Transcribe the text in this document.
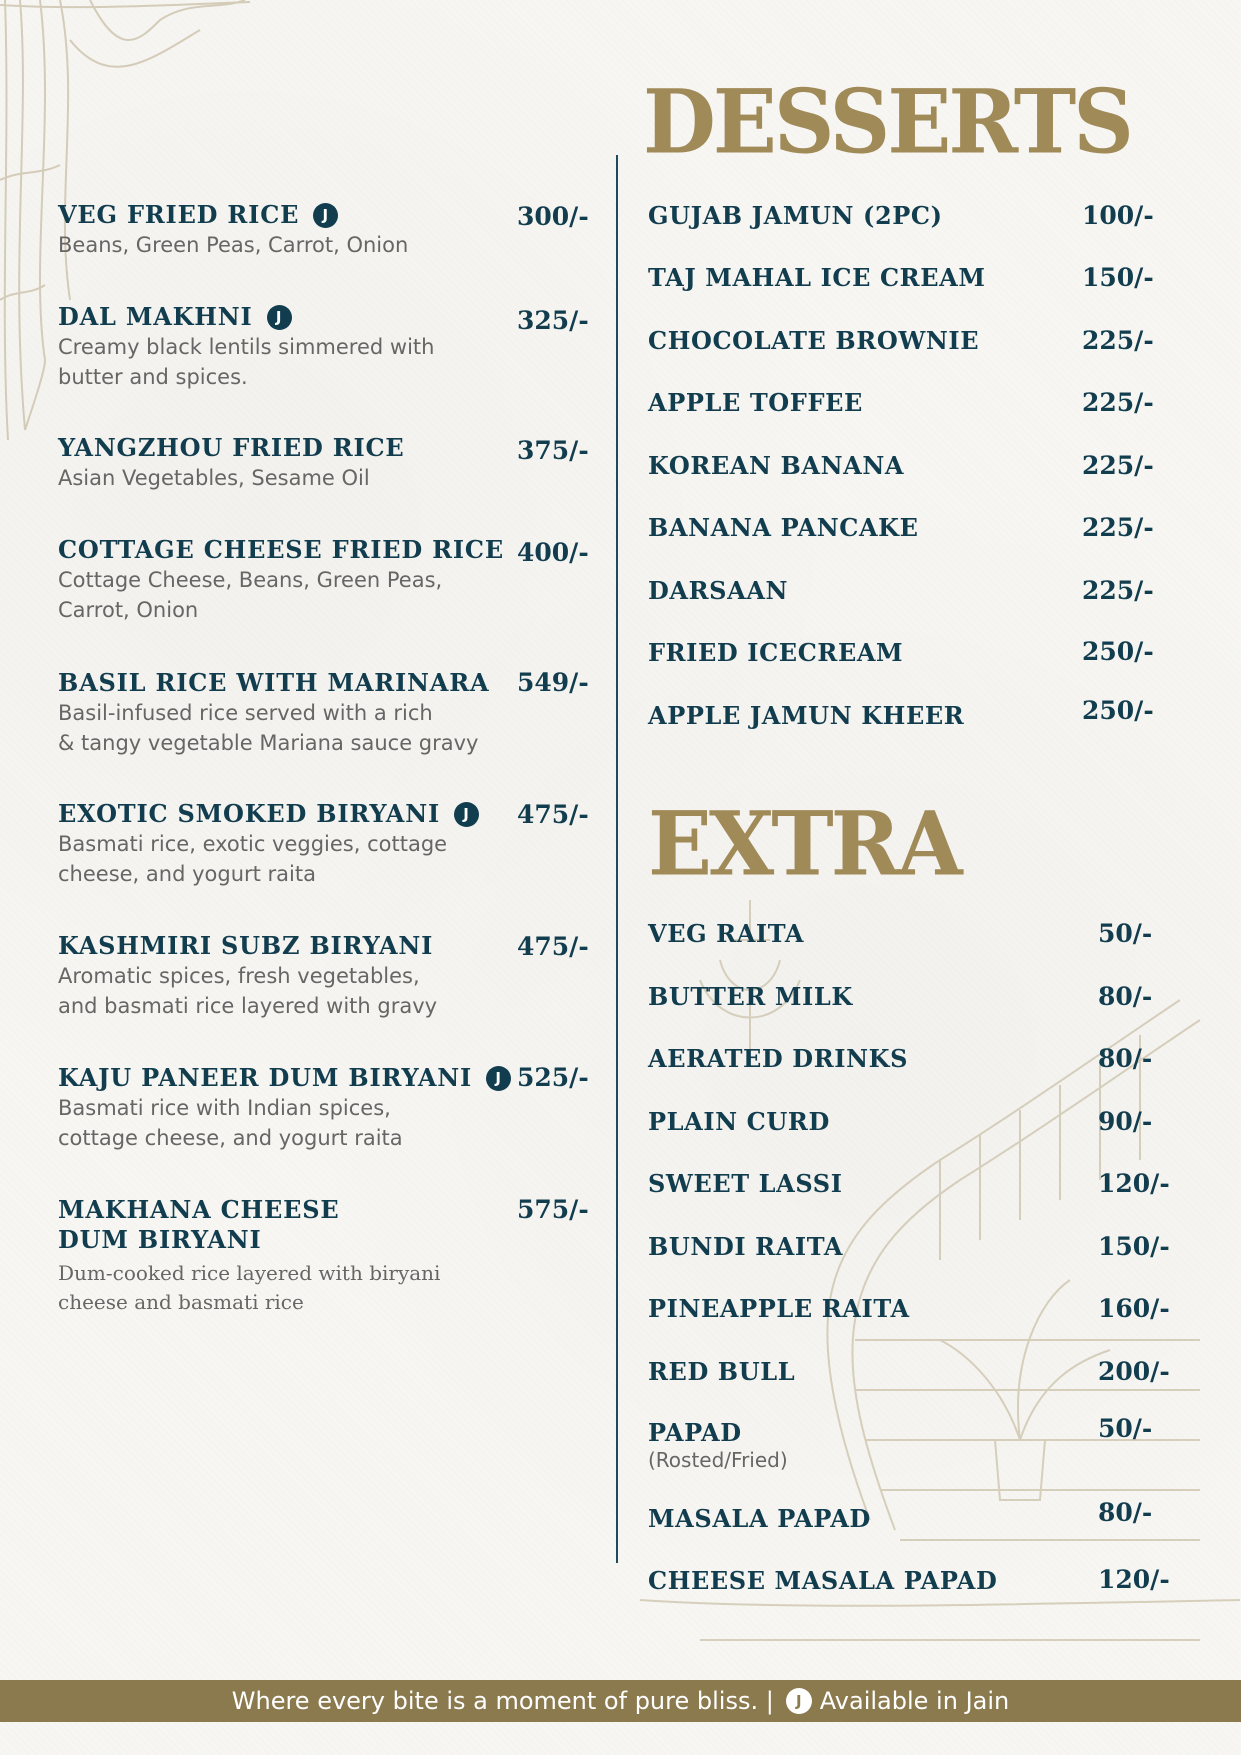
VEG FRIED RICE J
Beans, Green Peas, Carrot, Onion
300/-
DAL MAKHNI J
Creamy black lentils simmered with
butter and spices.
325/-
YANGZHOU FRIED RICE
Asian Vegetables, Sesame Oil
375/-
COTTAGE CHEESE FRIED RICE
Cottage Cheese, Beans, Green Peas,
Carrot, Onion
400/-
BASIL RICE WITH MARINARA
Basil-infused rice served with a rich
& tangy vegetable Mariana sauce gravy
549/-
EXOTIC SMOKED BIRYANI J
Basmati rice, exotic veggies, cottage
cheese, and yogurt raita
475/-
KASHMIRI SUBZ BIRYANI
Aromatic spices, fresh vegetables,
and basmati rice layered with gravy
475/-
KAJU PANEER DUM BIRYANI J
Basmati rice with Indian spices,
cottage cheese, and yogurt raita
525/-
MAKHANA CHEESE
DUM BIRYANI
Dum-cooked rice layered with biryani
cheese and basmati rice
575/-
DESSERTS
GUJAB JAMUN (2PC)	100/-
TAJ MAHAL ICE CREAM	150/-
CHOCOLATE BROWNIE	225/-
APPLE TOFFEE	225/-
KOREAN BANANA	225/-
BANANA PANCAKE	225/-
DARSAAN	225/-
FRIED ICECREAM	250/-
APPLE JAMUN KHEER	250/-
EXTRA
VEG RAITA	50/-
BUTTER MILK	80/-
AERATED DRINKS	80/-
PLAIN CURD	90/-
SWEET LASSI	120/-
BUNDI RAITA	150/-
PINEAPPLE RAITA	160/-
RED BULL	200/-
PAPAD
(Rosted/Fried)
50/-
MASALA PAPAD	80/-
CHEESE MASALA PAPAD	120/-
Where every bite is a moment of pure bliss. |	J Available in Jain
